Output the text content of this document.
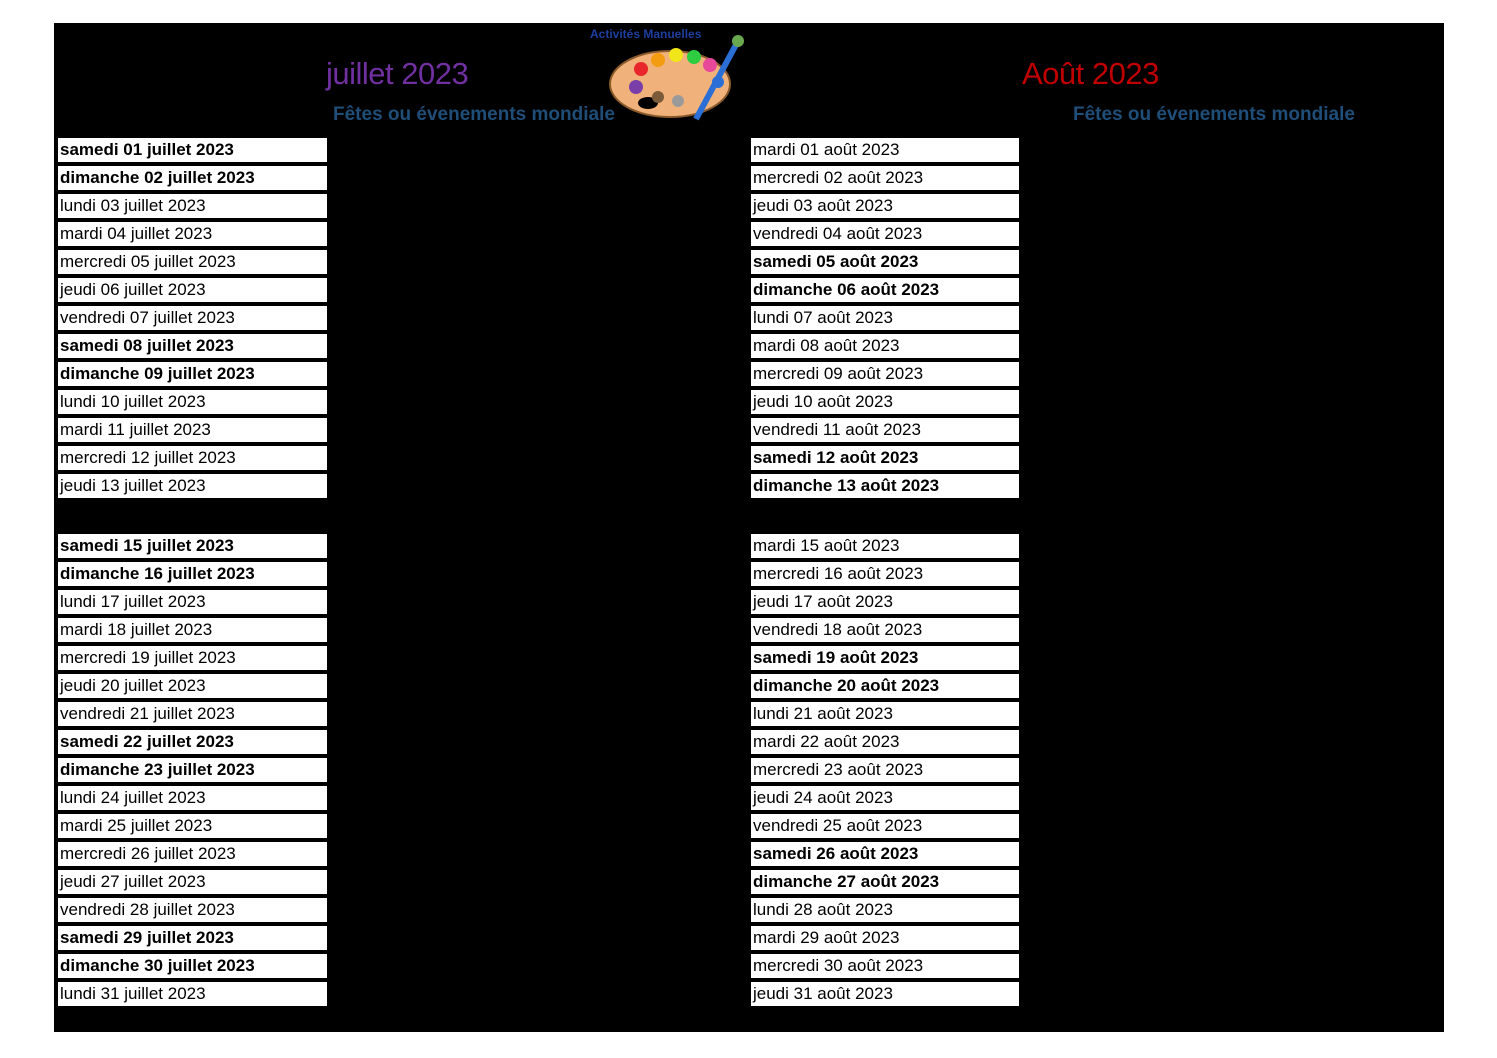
juillet 2023	Août 2023
Fêtes ou évenements mondiale	Fêtes ou évenements mondiale
Activités Manuelles
samedi 01 juillet 2023
dimanche 02 juillet 2023
lundi 03 juillet 2023
mardi 04 juillet 2023
mercredi 05 juillet 2023
jeudi 06 juillet 2023
vendredi 07 juillet 2023
samedi 08 juillet 2023
dimanche 09 juillet 2023
lundi 10 juillet 2023
mardi 11 juillet 2023
mercredi 12 juillet 2023
jeudi 13 juillet 2023
samedi 15 juillet 2023
dimanche 16 juillet 2023
lundi 17 juillet 2023
mardi 18 juillet 2023
mercredi 19 juillet 2023
jeudi 20 juillet 2023
vendredi 21 juillet 2023
samedi 22 juillet 2023
dimanche 23 juillet 2023
lundi 24 juillet 2023
mardi 25 juillet 2023
mercredi 26 juillet 2023
jeudi 27 juillet 2023
vendredi 28 juillet 2023
samedi 29 juillet 2023
dimanche 30 juillet 2023
lundi 31 juillet 2023
mardi 01 août 2023
mercredi 02 août 2023
jeudi 03 août 2023
vendredi 04 août 2023
samedi 05 août 2023
dimanche 06 août 2023
lundi 07 août 2023
mardi 08 août 2023
mercredi 09 août 2023
jeudi 10 août 2023
vendredi 11 août 2023
samedi 12 août 2023
dimanche 13 août 2023
mardi 15 août 2023
mercredi 16 août 2023
jeudi 17 août 2023
vendredi 18 août 2023
samedi 19 août 2023
dimanche 20 août 2023
lundi 21 août 2023
mardi 22 août 2023
mercredi 23 août 2023
jeudi 24 août 2023
vendredi 25 août 2023
samedi 26 août 2023
dimanche 27 août 2023
lundi 28 août 2023
mardi 29 août 2023
mercredi 30 août 2023
jeudi 31 août 2023
